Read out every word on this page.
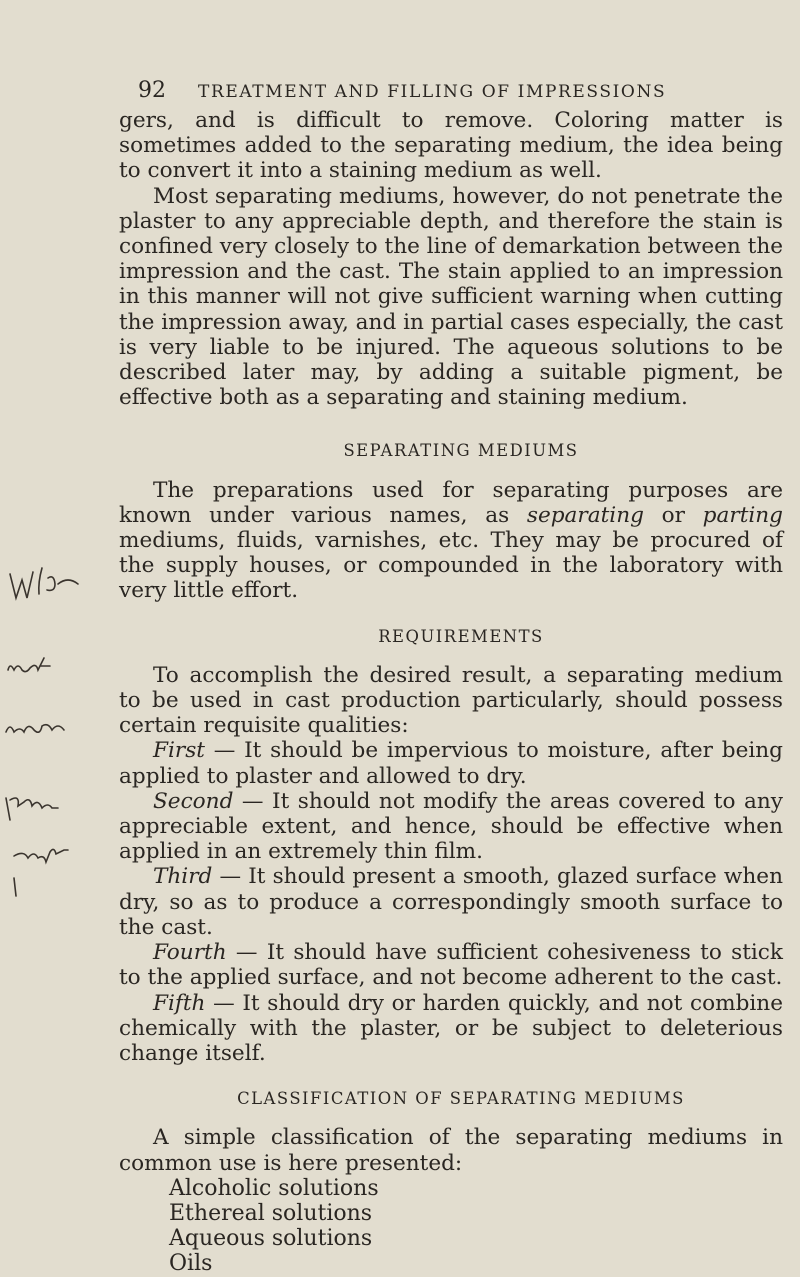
92 TREATMENT AND FILLING OF IMPRESSIONS

gers, and is difficult to remove. Coloring matter is sometimes added to the separating medium, the idea being to convert it into a staining medium as well.

Most separating mediums, however, do not penetrate the plaster to any appreciable depth, and therefore the stain is confined very closely to the line of demarkation between the impression and the cast. The stain applied to an impression in this manner will not give sufficient warning when cutting the impression away, and in partial cases especially, the cast is very liable to be injured. The aqueous solutions to be described later may, by adding a suitable pigment, be effective both as a separating and staining medium.

SEPARATING MEDIUMS

The preparations used for separating purposes are known under various names, as separating or parting mediums, fluids, varnishes, etc. They may be procured of the supply houses, or compounded in the laboratory with very little effort.

REQUIREMENTS

To accomplish the desired result, a separating medium to be used in cast production particularly, should possess certain requisite qualities:

First — It should be impervious to moisture, after being applied to plaster and allowed to dry.

Second — It should not modify the areas covered to any appreciable extent, and hence, should be effective when applied in an extremely thin film.

Third — It should present a smooth, glazed surface when dry, so as to produce a correspondingly smooth surface to the cast.

Fourth — It should have sufficient cohesiveness to stick to the applied surface, and not become adherent to the cast.

Fifth — It should dry or harden quickly, and not combine chemically with the plaster, or be subject to deleterious change itself.

CLASSIFICATION OF SEPARATING MEDIUMS

A simple classification of the separating mediums in common use is here presented:

Alcoholic solutions
Ethereal solutions
Aqueous solutions
Oils
